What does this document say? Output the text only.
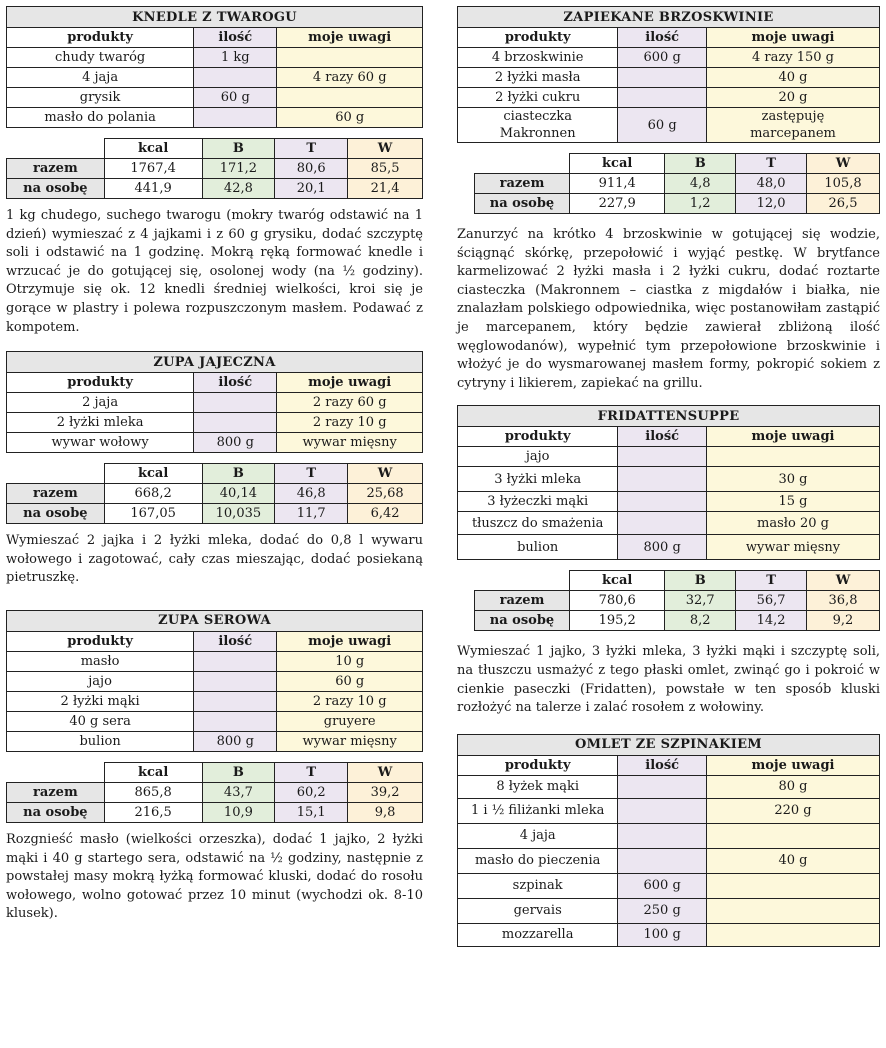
KNEDLE Z TWAROGU		
produkty	ilość	moje uwagi
chudy twaróg	1 kg	
4 jaja		4 razy 60 g
grysik	60 g	
masło do polania		60 g
	kcal	B	T	W
razem	1767,4	171,2	80,6	85,5
na osobę	441,9	42,8	20,1	21,4

1 kg chudego, suchego twarogu (mokry twaróg odstawić na 1 dzień) wymieszać z 4 jajkami i z 60 g grysiku, dodać szczyptę soli i odstawić na 1 godzinę. Mokrą ręką formować knedle i wrzucać je do gotującej się, osolonej wody (na ½ godziny). Otrzymuje się ok. 12 knedli średniej wielkości, kroi się je gorące w plastry i polewa rozpuszczonym masłem. Podawać z kompotem.

ZUPA JAJECZNA		
produkty	ilość	moje uwagi
2 jaja		2 razy 60 g
2 łyżki mleka		2 razy 10 g
wywar wołowy	800 g	wywar mięsny
	kcal	B	T	W
razem	668,2	40,14	46,8	25,68
na osobę	167,05	10,035	11,7	6,42

Wymieszać 2 jajka i 2 łyżki mleka, dodać do 0,8 l wywaru wołowego i zagotować, cały czas mieszając, dodać posiekaną pietruszkę.

ZUPA SEROWA		
produkty	ilość	moje uwagi
masło		10 g
jajo		60 g
2 łyżki mąki		2 razy 10 g
40 g sera		gruyere
bulion	800 g	wywar mięsny
	kcal	B	T	W
razem	865,8	43,7	60,2	39,2
na osobę	216,5	10,9	15,1	9,8

Rozgnieść masło (wielkości orzeszka), dodać 1 jajko, 2 łyżki mąki i 40 g startego sera, odstawić na ½ godziny, następnie z powstałej masy mokrą łyżką formować kluski, dodać do rosołu wołowego, wolno gotować przez 10 minut (wychodzi ok. 8-10 klusek).

ZAPIEKANE BRZOSKWINIE		
produkty	ilość	moje uwagi
4 brzoskwinie	600 g	4 razy 150 g
2 łyżki masła		40 g
2 łyżki cukru		20 g
ciasteczka Makronnen	60 g	zastępuję marcepanem
	kcal	B	T	W
razem	911,4	4,8	48,0	105,8
na osobę	227,9	1,2	12,0	26,5

Zanurzyć na krótko 4 brzoskwinie w gotującej się wodzie, ściągnąć skórkę, przepołowić i wyjąć pestkę. W brytfance karmelizować 2 łyżki masła i 2 łyżki cukru, dodać roztarte ciasteczka (Makronnem – ciastka z migdałów i białka, nie znalazłam polskiego odpowiednika, więc postanowiłam zastąpić je marcepanem, który będzie zawierał zbliżoną ilość węglowodanów), wypełnić tym przepołowione brzoskwinie i włożyć je do wysmarowanej masłem formy, pokropić sokiem z cytryny i likierem, zapiekać na grillu.

FRIDATTENSUPPE		
produkty	ilość	moje uwagi
jajo		
3 łyżki mleka		30 g
3 łyżeczki mąki		15 g
tłuszcz do smażenia		masło 20 g
bulion	800 g	wywar mięsny
	kcal	B	T	W
razem	780,6	32,7	56,7	36,8
na osobę	195,2	8,2	14,2	9,2

Wymieszać 1 jajko, 3 łyżki mleka, 3 łyżki mąki i szczyptę soli, na tłuszczu usmażyć z tego płaski omlet, zwinąć go i pokroić w cienkie paseczki (Fridatten), powstałe w ten sposób kluski rozłożyć na talerze i zalać rosołem z wołowiny.

OMLET ZE SZPINAKIEM		
produkty	ilość	moje uwagi
8 łyżek mąki		80 g
1 i ½ filiżanki mleka		220 g
4 jaja		
masło do pieczenia		40 g
szpinak	600 g	
gervais	250 g	
mozzarella	100 g	
